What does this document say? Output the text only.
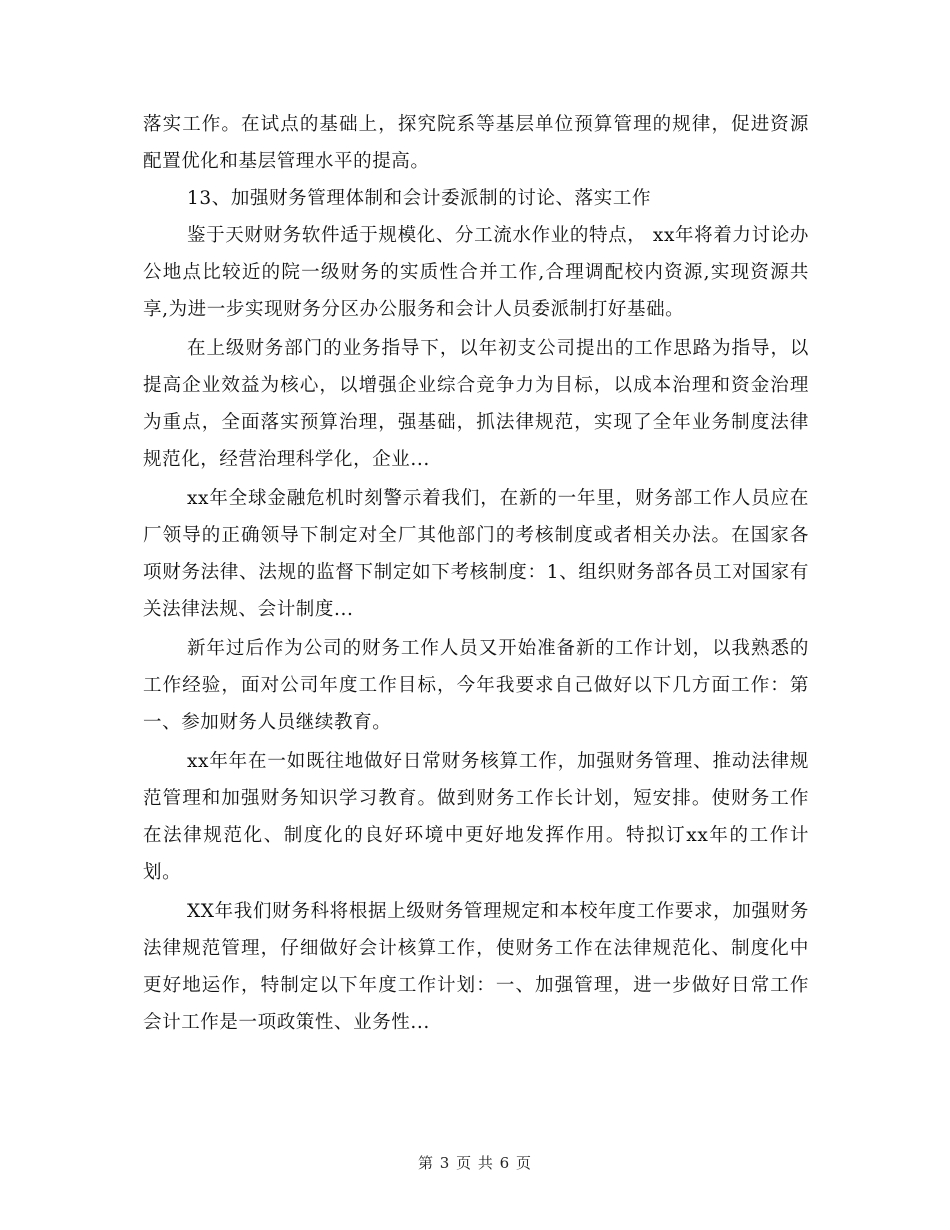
落实工作。在试点的基础上，探究院系等基层单位预算管理的规律，促进资源配置优化和基层管理水平的提高。

13、加强财务管理体制和会计委派制的讨论、落实工作

鉴于天财财务软件适于规模化、分工流水作业的特点， xx年将着力讨论办公地点比较近的院一级财务的实质性合并工作,合理调配校内资源,实现资源共享,为进一步实现财务分区办公服务和会计人员委派制打好基础。

在上级财务部门的业务指导下，以年初支公司提出的工作思路为指导，以提高企业效益为核心，以增强企业综合竞争力为目标，以成本治理和资金治理为重点，全面落实预算治理，强基础，抓法律规范，实现了全年业务制度法律规范化，经营治理科学化，企业...

xx年全球金融危机时刻警示着我们，在新的一年里，财务部工作人员应在厂领导的正确领导下制定对全厂其他部门的考核制度或者相关办法。在国家各项财务法律、法规的监督下制定如下考核制度：1、组织财务部各员工对国家有关法律法规、会计制度...

新年过后作为公司的财务工作人员又开始准备新的工作计划，以我熟悉的工作经验，面对公司年度工作目标，今年我要求自己做好以下几方面工作：第一、参加财务人员继续教育。

xx年年在一如既往地做好日常财务核算工作，加强财务管理、推动法律规范管理和加强财务知识学习教育。做到财务工作长计划，短安排。使财务工作在法律规范化、制度化的良好环境中更好地发挥作用。特拟订xx年的工作计划。

XX年我们财务科将根据上级财务管理规定和本校年度工作要求，加强财务法律规范管理，仔细做好会计核算工作，使财务工作在法律规范化、制度化中更好地运作，特制定以下年度工作计划：一、加强管理，进一步做好日常工作会计工作是一项政策性、业务性...

第 3 页 共 6 页
